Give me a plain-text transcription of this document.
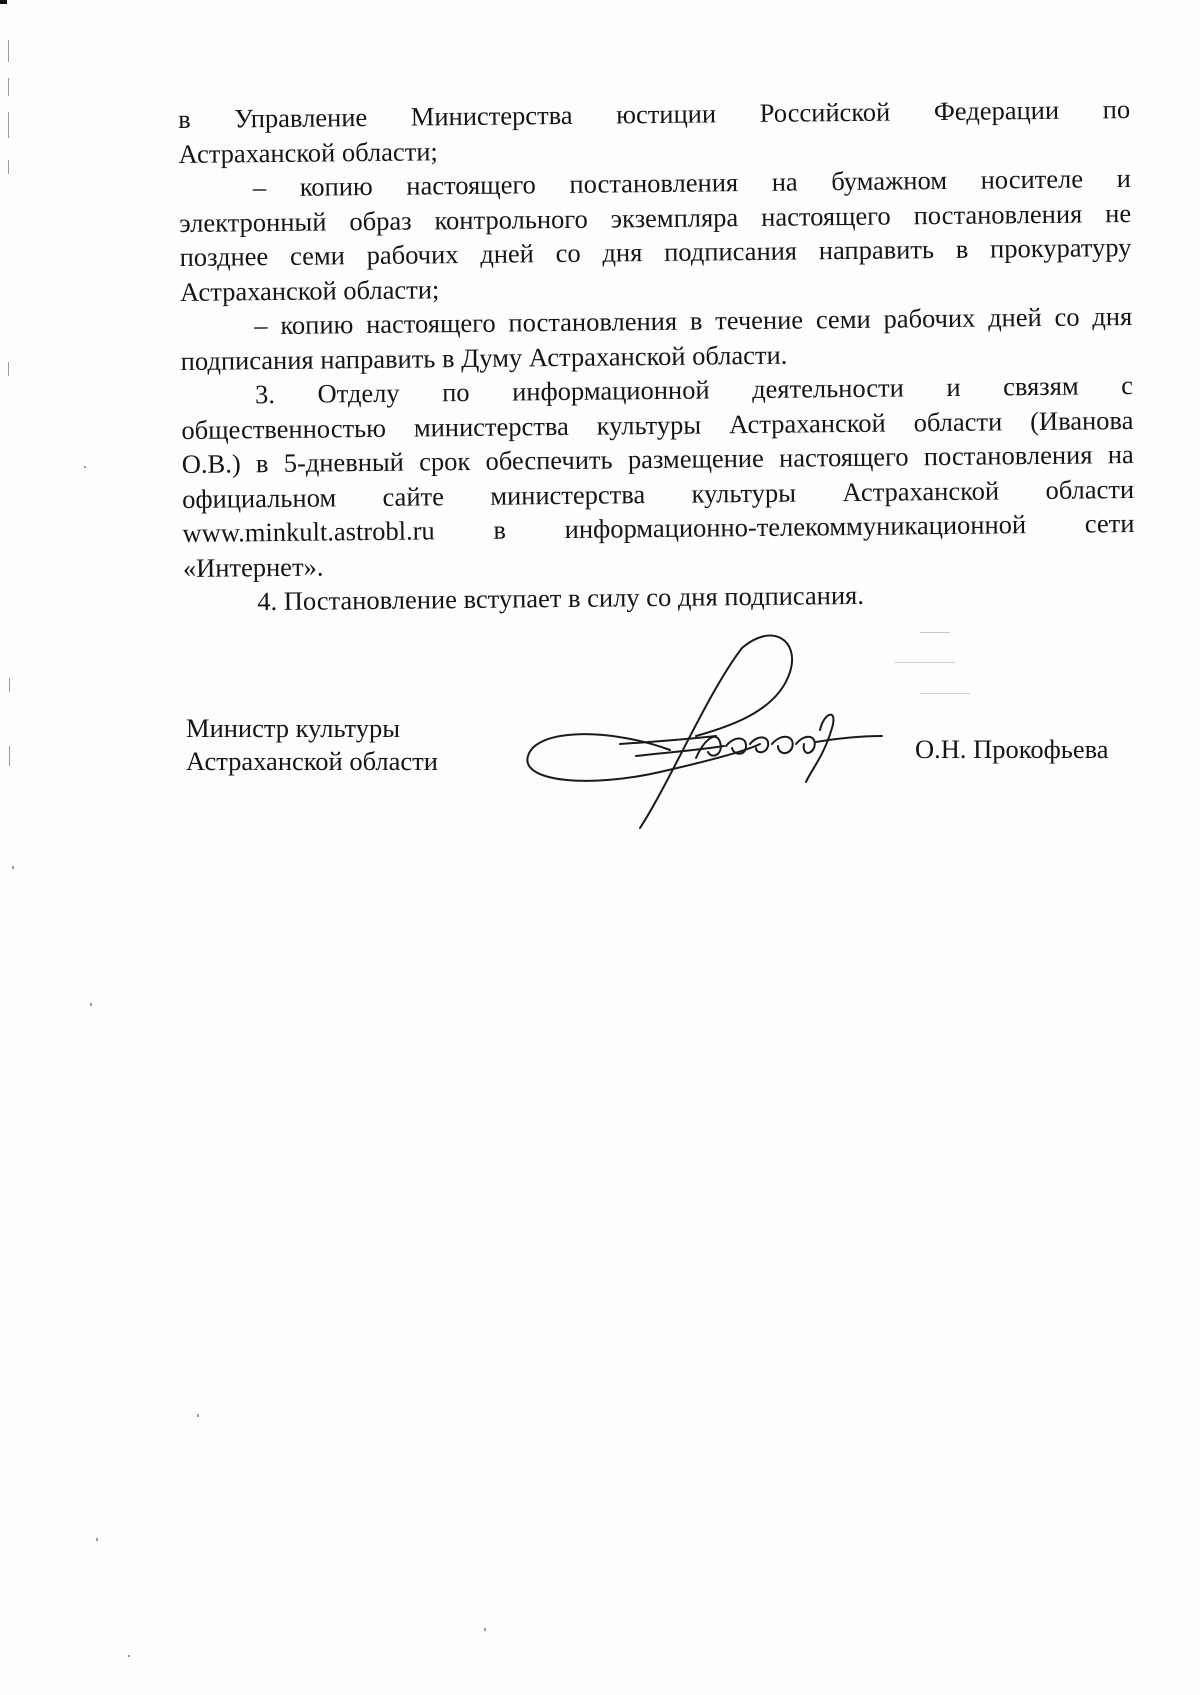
в Управление Министерства юстиции Российской Федерации по
Астраханской области;
– копию настоящего постановления на бумажном носителе и
электронный образ контрольного экземпляра настоящего постановления не
позднее семи рабочих дней со дня подписания направить в прокуратуру
Астраханской области;
– копию настоящего постановления в течение семи рабочих дней со дня
подписания направить в Думу Астраханской области.
3. Отделу по информационной деятельности и связям с
общественностью министерства культуры Астраханской области (Иванова
О.В.) в 5-дневный срок обеспечить размещение настоящего постановления на
официальном сайте министерства культуры Астраханской области
www.minkult.astrobl.ru в информационно-телекоммуникационной сети
«Интернет».
4. Постановление вступает в силу со дня подписания.
Министр культуры
Астраханской области	О.Н. Прокофьева
